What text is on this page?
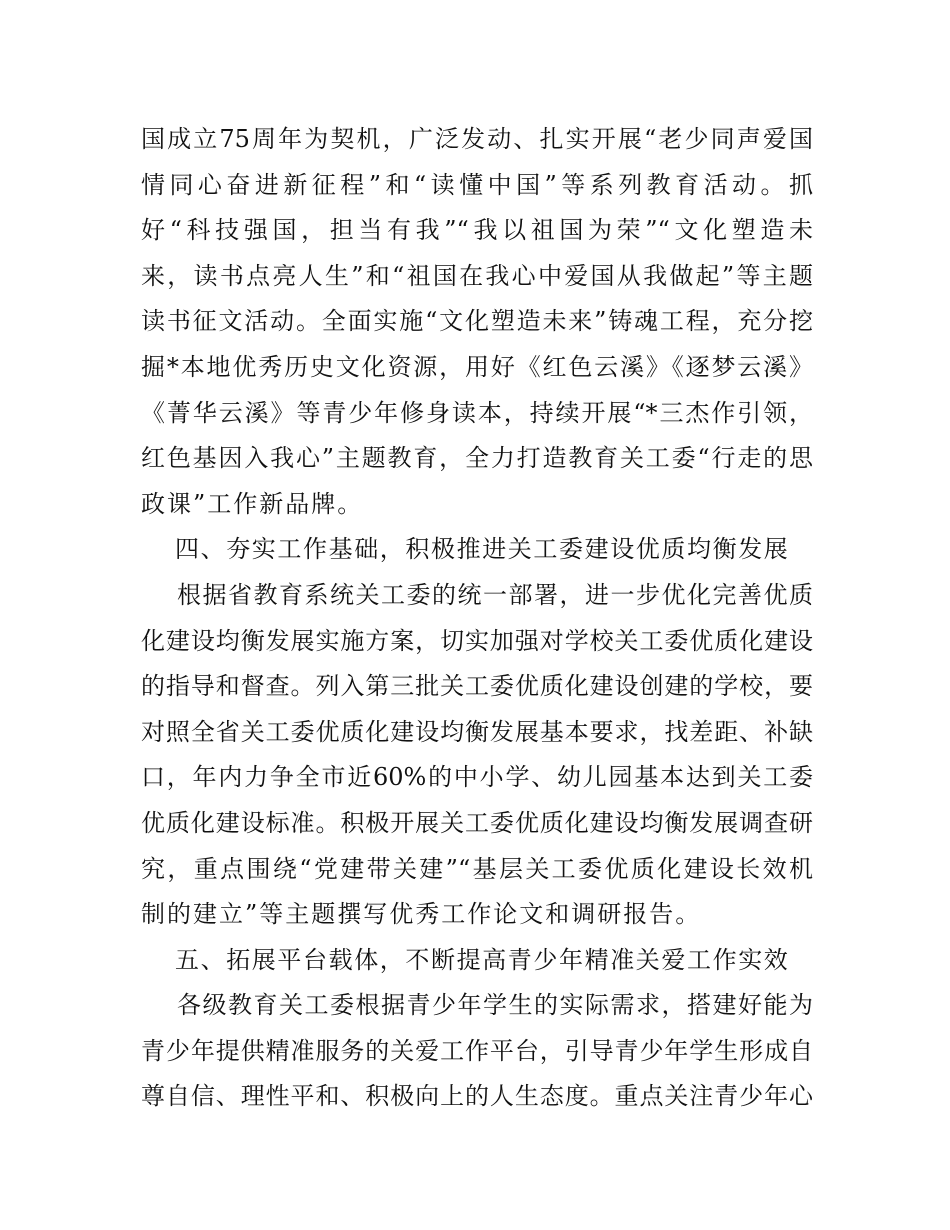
国成立75周年为契机，广泛发动、扎实开展“老少同声爱国
情同心奋进新征程”和“读懂中国”等系列教育活动。抓
好“科技强国，担当有我”“我以祖国为荣”“文化塑造未
来，读书点亮人生”和“祖国在我心中爱国从我做起”等主题
读书征文活动。全面实施“文化塑造未来”铸魂工程，充分挖
掘*本地优秀历史文化资源，用好《红色云溪》《逐梦云溪》
《菁华云溪》等青少年修身读本，持续开展“*三杰作引领，
红色基因入我心”主题教育，全力打造教育关工委“行走的思
政课”工作新品牌。
四、夯实工作基础，积极推进关工委建设优质均衡发展
根据省教育系统关工委的统一部署，进一步优化完善优质
化建设均衡发展实施方案，切实加强对学校关工委优质化建设
的指导和督查。列入第三批关工委优质化建设创建的学校，要
对照全省关工委优质化建设均衡发展基本要求，找差距、补缺
口，年内力争全市近60%的中小学、幼儿园基本达到关工委
优质化建设标准。积极开展关工委优质化建设均衡发展调查研
究，重点围绕“党建带关建”“基层关工委优质化建设长效机
制的建立”等主题撰写优秀工作论文和调研报告。
五、拓展平台载体，不断提高青少年精准关爱工作实效
各级教育关工委根据青少年学生的实际需求，搭建好能为
青少年提供精准服务的关爱工作平台，引导青少年学生形成自
尊自信、理性平和、积极向上的人生态度。重点关注青少年心
